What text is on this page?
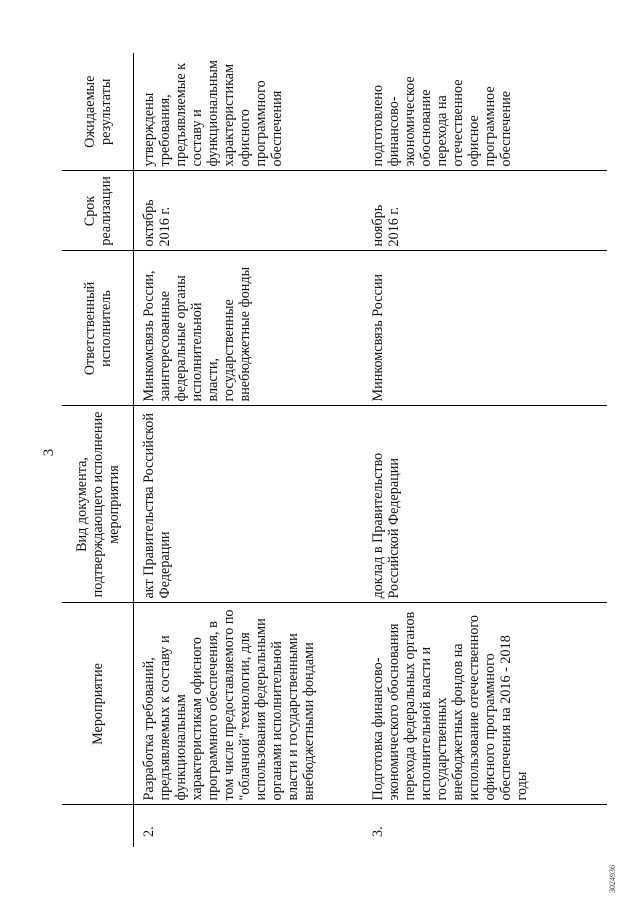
3
	Мероприятие	Вид документа, подтверждающего исполнение мероприятия	Ответственный исполнитель	Срок реализации	Ожидаемые результаты
2.	Разработка требований, предъявляемых к составу и функциональным характеристикам офисного программного обеспечения, в том числе предоставляемого по "облачной" технологии, для использования федеральными органами исполнительной власти и государственными внебюджетными фондами	акт Правительства Российской Федерации	Минкомсвязь России, заинтересованные федеральные органы исполнительной власти, государственные внебюджетные фонды	октябрь 2016 г.	утверждены требования, предъявляемые к составу и функциональным характеристикам офисного программного обеспечения
3.	Подготовка финансово-экономического обоснования перехода федеральных органов исполнительной власти и государственных внебюджетных фондов на использование отечественного офисного программного обеспечения на 2016 - 2018 годы	доклад в Правительство Российской Федерации	Минкомсвязь России	ноябрь 2016 г.	подготовлено финансово-экономическое обоснование перехода на отечественное офисное программное обеспечение
3024936
